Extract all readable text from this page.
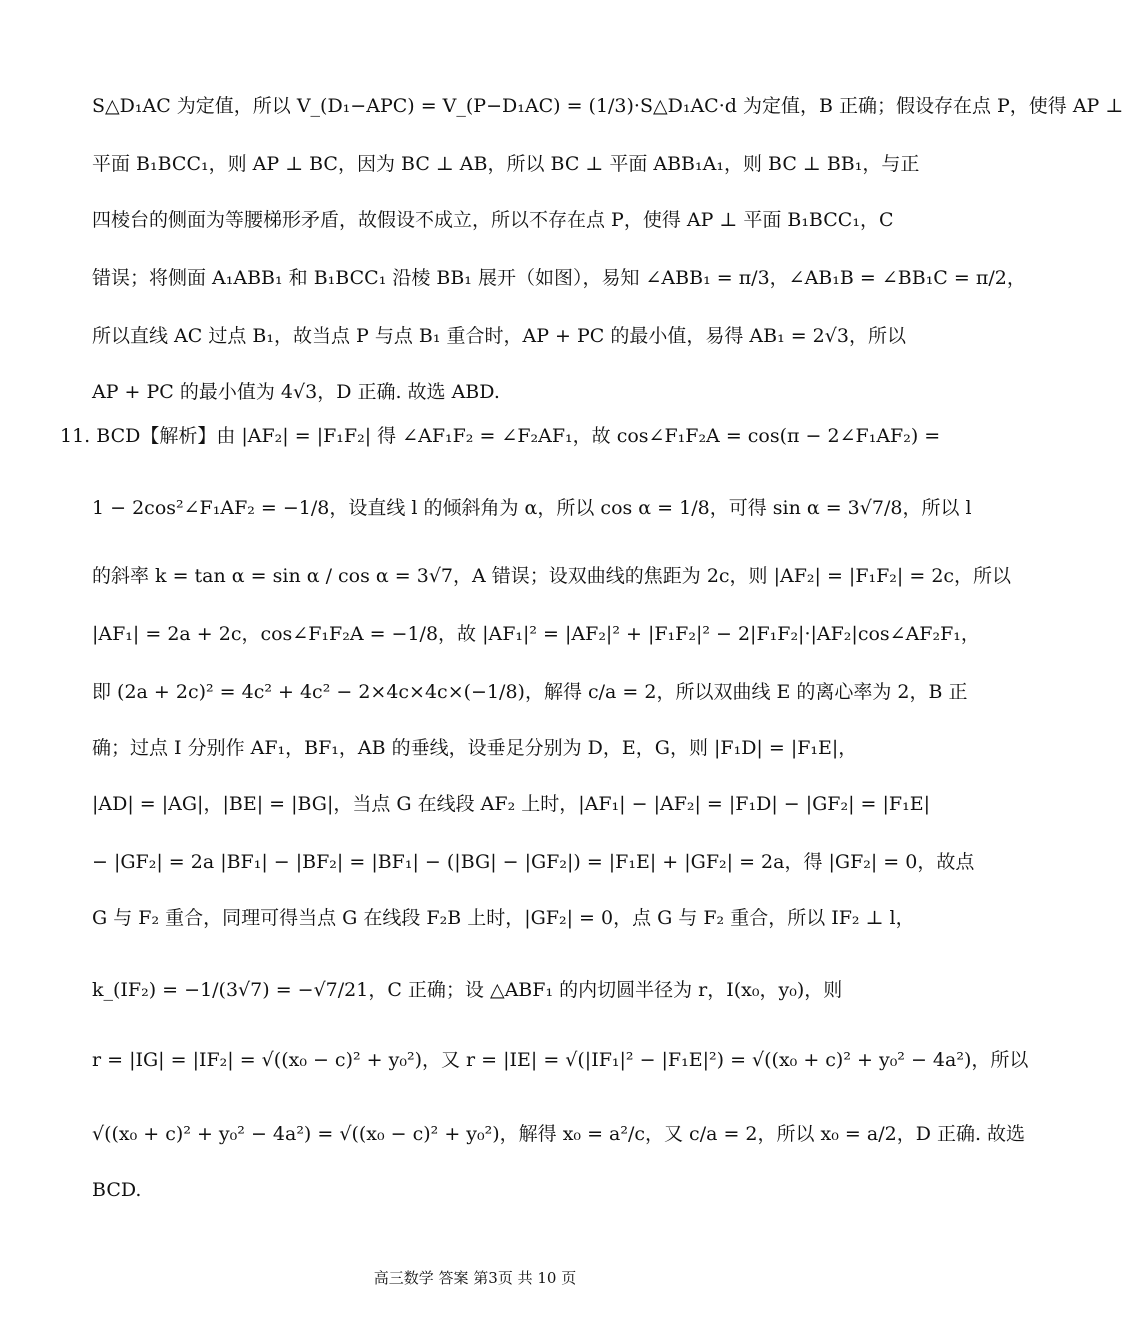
S△D₁AC 为定值，所以 V_(D₁−APC) = V_(P−D₁AC) = (1/3)·S△D₁AC·d 为定值，B 正确；假设存在点 P，使得 AP ⊥
平面 B₁BCC₁，则 AP ⊥ BC，因为 BC ⊥ AB，所以 BC ⊥ 平面 ABB₁A₁，则 BC ⊥ BB₁，与正
四棱台的侧面为等腰梯形矛盾，故假设不成立，所以不存在点 P，使得 AP ⊥ 平面 B₁BCC₁，C
错误；将侧面 A₁ABB₁ 和 B₁BCC₁ 沿棱 BB₁ 展开（如图），易知 ∠ABB₁ = π/3，∠AB₁B = ∠BB₁C = π/2，
所以直线 AC 过点 B₁，故当点 P 与点 B₁ 重合时，AP + PC 的最小值，易得 AB₁ = 2√3，所以
AP + PC 的最小值为 4√3，D 正确. 故选 ABD.
11. BCD【解析】由 |AF₂| = |F₁F₂| 得 ∠AF₁F₂ = ∠F₂AF₁，故 cos∠F₁F₂A = cos(π − 2∠F₁AF₂) =
1 − 2cos²∠F₁AF₂ = −1/8，设直线 l 的倾斜角为 α，所以 cos α = 1/8，可得 sin α = 3√7/8，所以 l
的斜率 k = tan α = sin α / cos α = 3√7，A 错误；设双曲线的焦距为 2c，则 |AF₂| = |F₁F₂| = 2c，所以
|AF₁| = 2a + 2c，cos∠F₁F₂A = −1/8，故 |AF₁|² = |AF₂|² + |F₁F₂|² − 2|F₁F₂|·|AF₂|cos∠AF₂F₁，
即 (2a + 2c)² = 4c² + 4c² − 2×4c×4c×(−1/8)，解得 c/a = 2，所以双曲线 E 的离心率为 2，B 正
确；过点 I 分别作 AF₁，BF₁，AB 的垂线，设垂足分别为 D，E，G，则 |F₁D| = |F₁E|，
|AD| = |AG|，|BE| = |BG|，当点 G 在线段 AF₂ 上时，|AF₁| − |AF₂| = |F₁D| − |GF₂| = |F₁E|
− |GF₂| = 2a |BF₁| − |BF₂| = |BF₁| − (|BG| − |GF₂|) = |F₁E| + |GF₂| = 2a，得 |GF₂| = 0，故点
G 与 F₂ 重合，同理可得当点 G 在线段 F₂B 上时，|GF₂| = 0，点 G 与 F₂ 重合，所以 IF₂ ⊥ l，
k_(IF₂) = −1/(3√7) = −√7/21，C 正确；设 △ABF₁ 的内切圆半径为 r，I(x₀，y₀)，则
r = |IG| = |IF₂| = √((x₀ − c)² + y₀²)，又 r = |IE| = √(|IF₁|² − |F₁E|²) = √((x₀ + c)² + y₀² − 4a²)，所以
√((x₀ + c)² + y₀² − 4a²) = √((x₀ − c)² + y₀²)，解得 x₀ = a²/c，又 c/a = 2，所以 x₀ = a/2，D 正确. 故选
BCD.
高三数学 答案 第3页 共 10 页
